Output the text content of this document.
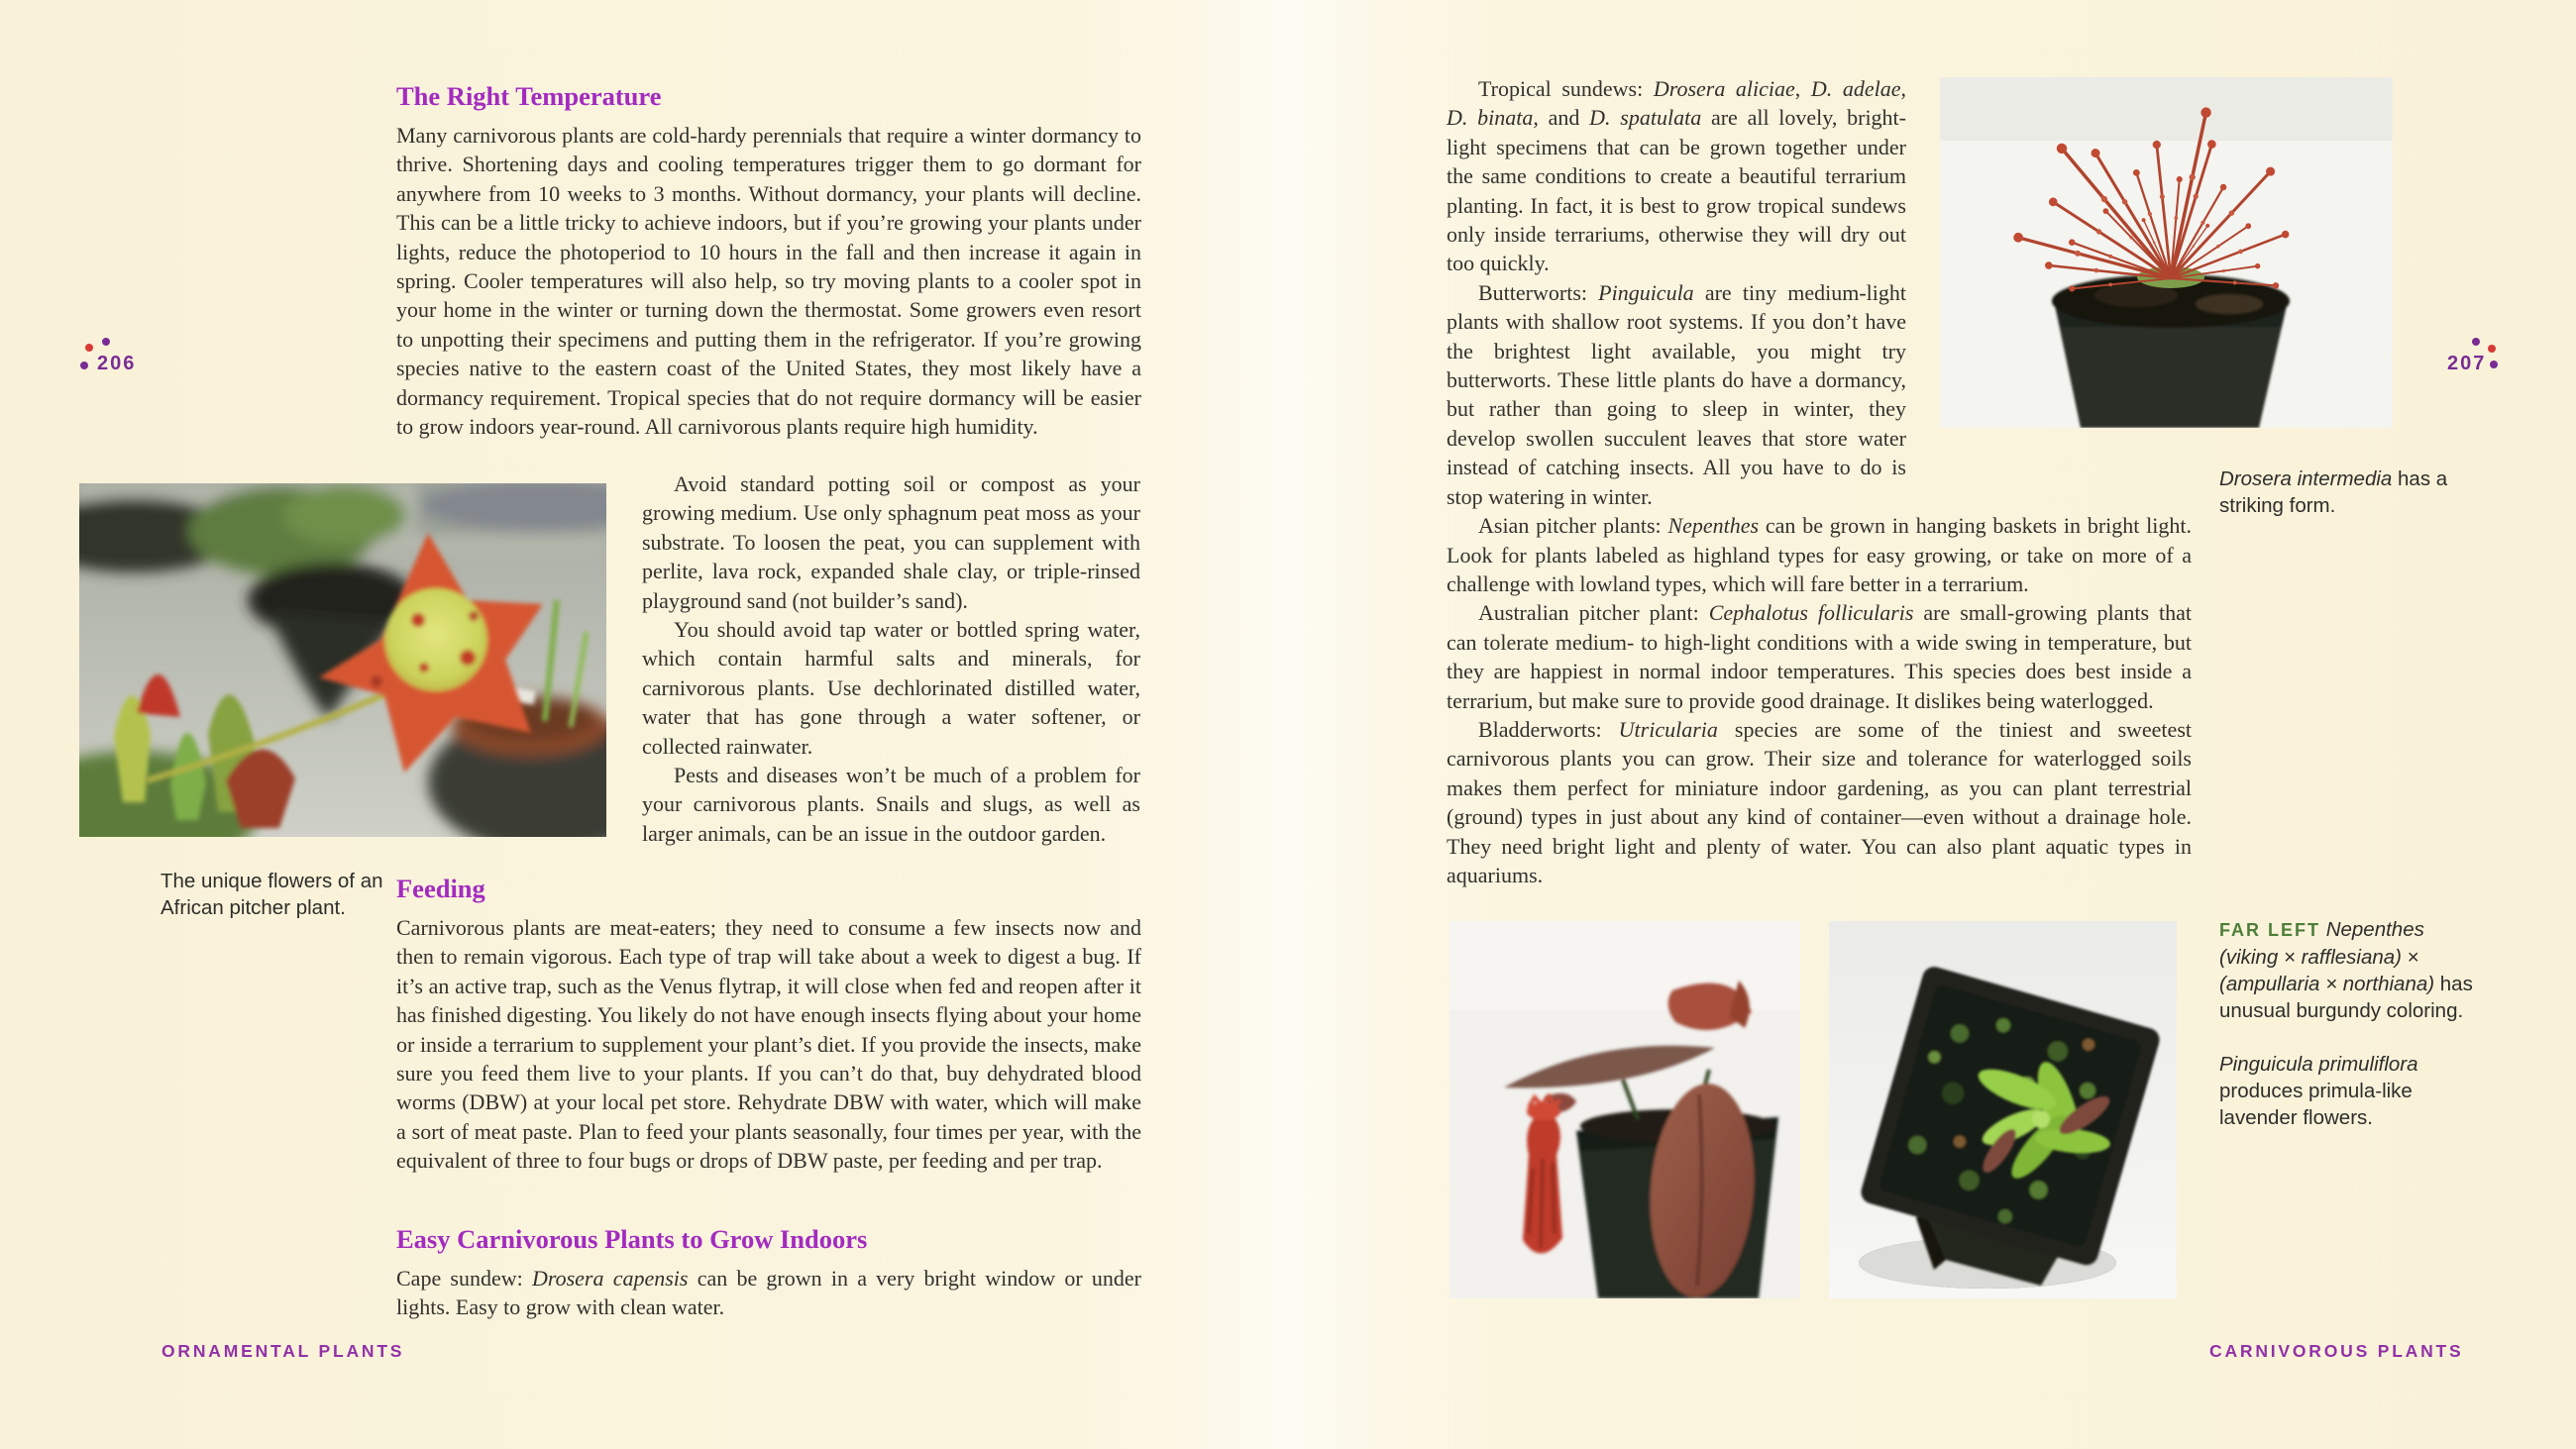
206
The Right Temperature

Many carnivorous plants are cold-hardy perennials that require a winter dormancy to thrive. Shortening days and cooling temperatures trigger them to go dormant for anywhere from 10 weeks to 3 months. Without dormancy, your plants will decline. This can be a little tricky to achieve indoors, but if you’re growing your plants under lights, reduce the photoperiod to 10 hours in the fall and then increase it again in spring. Cooler temperatures will also help, so try moving plants to a cooler spot in your home in the winter or turning down the thermostat. Some growers even resort to unpotting their specimens and putting them in the refrigerator. If you’re growing species native to the eastern coast of the United States, they most likely have a dormancy requirement. Tropical species that do not require dormancy will be easier to grow indoors year-round. All carnivorous plants require high humidity.

Avoid standard potting soil or compost as your growing medium. Use only sphagnum peat moss as your substrate. To loosen the peat, you can supplement with perlite, lava rock, expanded shale clay, or triple-rinsed playground sand (not builder’s sand).

You should avoid tap water or bottled spring water, which contain harmful salts and minerals, for carnivorous plants. Use dechlorinated distilled water, water that has gone through a water softener, or collected rainwater.

Pests and diseases won’t be much of a problem for your carnivorous plants. Snails and slugs, as well as larger animals, can be an issue in the outdoor garden.

The unique flowers of an African pitcher plant.

Feeding

Carnivorous plants are meat-eaters; they need to consume a few insects now and then to remain vigorous. Each type of trap will take about a week to digest a bug. If it’s an active trap, such as the Venus flytrap, it will close when fed and reopen after it has finished digesting. You likely do not have enough insects flying about your home or inside a terrarium to supplement your plant’s diet. If you provide the insects, make sure you feed them live to your plants. If you can’t do that, buy dehydrated blood worms (DBW) at your local pet store. Rehydrate DBW with water, which will make a sort of meat paste. Plan to feed your plants seasonally, four times per year, with the equivalent of three to four bugs or drops of DBW paste, per feeding and per trap.

Easy Carnivorous Plants to Grow Indoors

Cape sundew: Drosera capensis can be grown in a very bright window or under lights. Easy to grow with clean water.

ORNAMENTAL PLANTS

Tropical sundews: Drosera aliciae, D. adelae, D. binata, and D. spatulata are all lovely, bright-light specimens that can be grown together under the same conditions to create a beautiful terrarium planting. In fact, it is best to grow tropical sundews only inside terrariums, otherwise they will dry out too quickly.

Butterworts: Pinguicula are tiny medium-light plants with shallow root systems. If you don’t have the brightest light available, you might try butterworts. These little plants do have a dormancy, but rather than going to sleep in winter, they develop swollen succulent leaves that store water instead of catching insects. All you have to do is stop watering in winter.

Asian pitcher plants: Nepenthes can be grown in hanging baskets in bright light. Look for plants labeled as highland types for easy growing, or take on more of a challenge with lowland types, which will fare better in a terrarium.

Australian pitcher plant: Cephalotus follicularis are small-growing plants that can tolerate medium- to high-light conditions with a wide swing in temperature, but they are happiest in normal indoor temperatures. This species does best inside a terrarium, but make sure to provide good drainage. It dislikes being waterlogged.

Bladderworts: Utricularia species are some of the tiniest and sweetest carnivorous plants you can grow. Their size and tolerance for waterlogged soils makes them perfect for miniature indoor gardening, as you can plant terrestrial (ground) types in just about any kind of container—even without a drainage hole. They need bright light and plenty of water. You can also plant aquatic types in aquariums.

Drosera intermedia has a striking form.

207

FAR LEFT Nepenthes (viking × rafflesiana) × (ampullaria × northiana) has unusual burgundy coloring.

Pinguicula primuliflora produces primula-like lavender flowers.

CARNIVOROUS PLANTS
